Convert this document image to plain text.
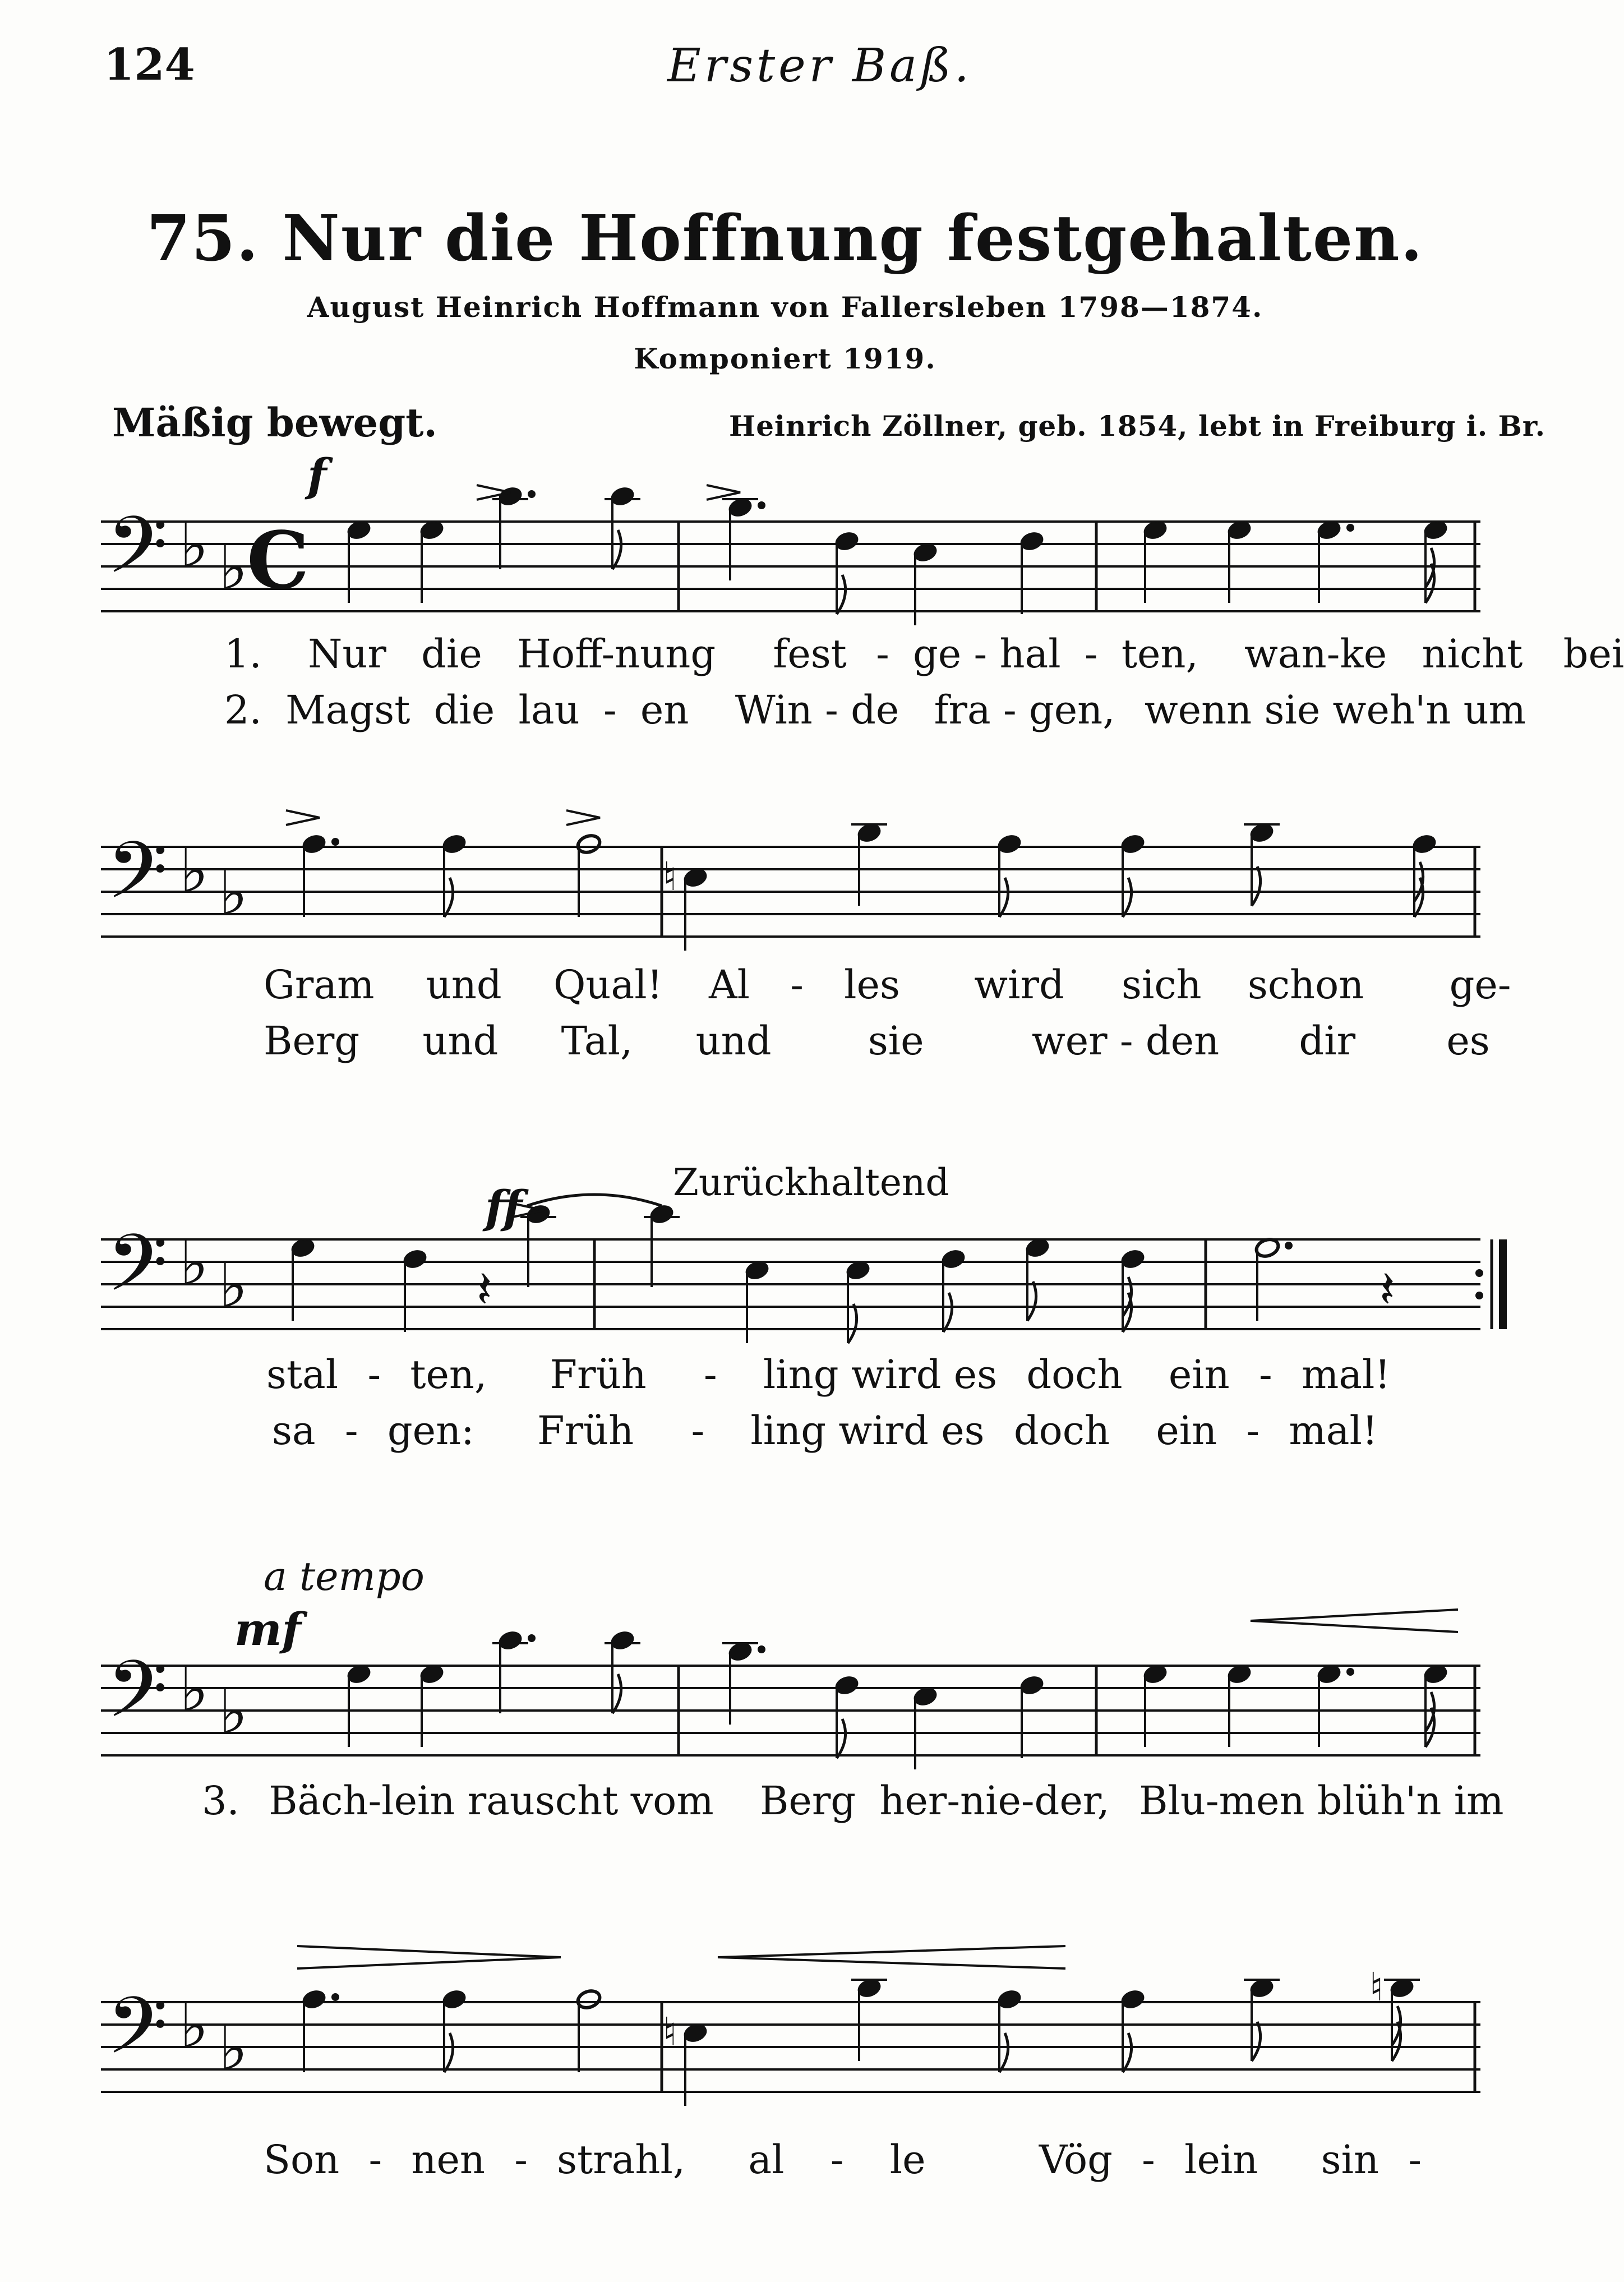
124	Erster Baß.
75. Nur die Hoffnung festgehalten.
August Heinrich Hoffmann von Fallersleben 1798—1874.
Komponiert 1919.
Mäßig bewegt.	Heinrich Zöllner, geb. 1854, lebt in Freiburg i. Br.
f
𝄢 ♭ ♭
C
1. Nur die Hoff-nung fest - ge - hal - ten, wan-ke nicht bei
2. Magst die lau - en Win - de fra - gen, wenn sie weh'n um
𝄢 ♭ ♭	♮
Gram und Qual! Al - les wird sich schon ge-
Berg und Tal, und sie	wer - den dir es
ff	Zurückhaltend
𝄢 ♭ ♭	𝄽	𝄽
stal - ten, Früh - ling wird es doch ein - mal!
sa - gen: Früh - ling wird es doch ein - mal!
a tempo
mf
𝄢 ♭ ♭
3. Bäch-lein rauscht vom Berg her-nie-der, Blu-men blüh'n im
𝄢 ♭ ♭	♮
♮
Son - nen - strahl, al - le	Vög - lein sin -
